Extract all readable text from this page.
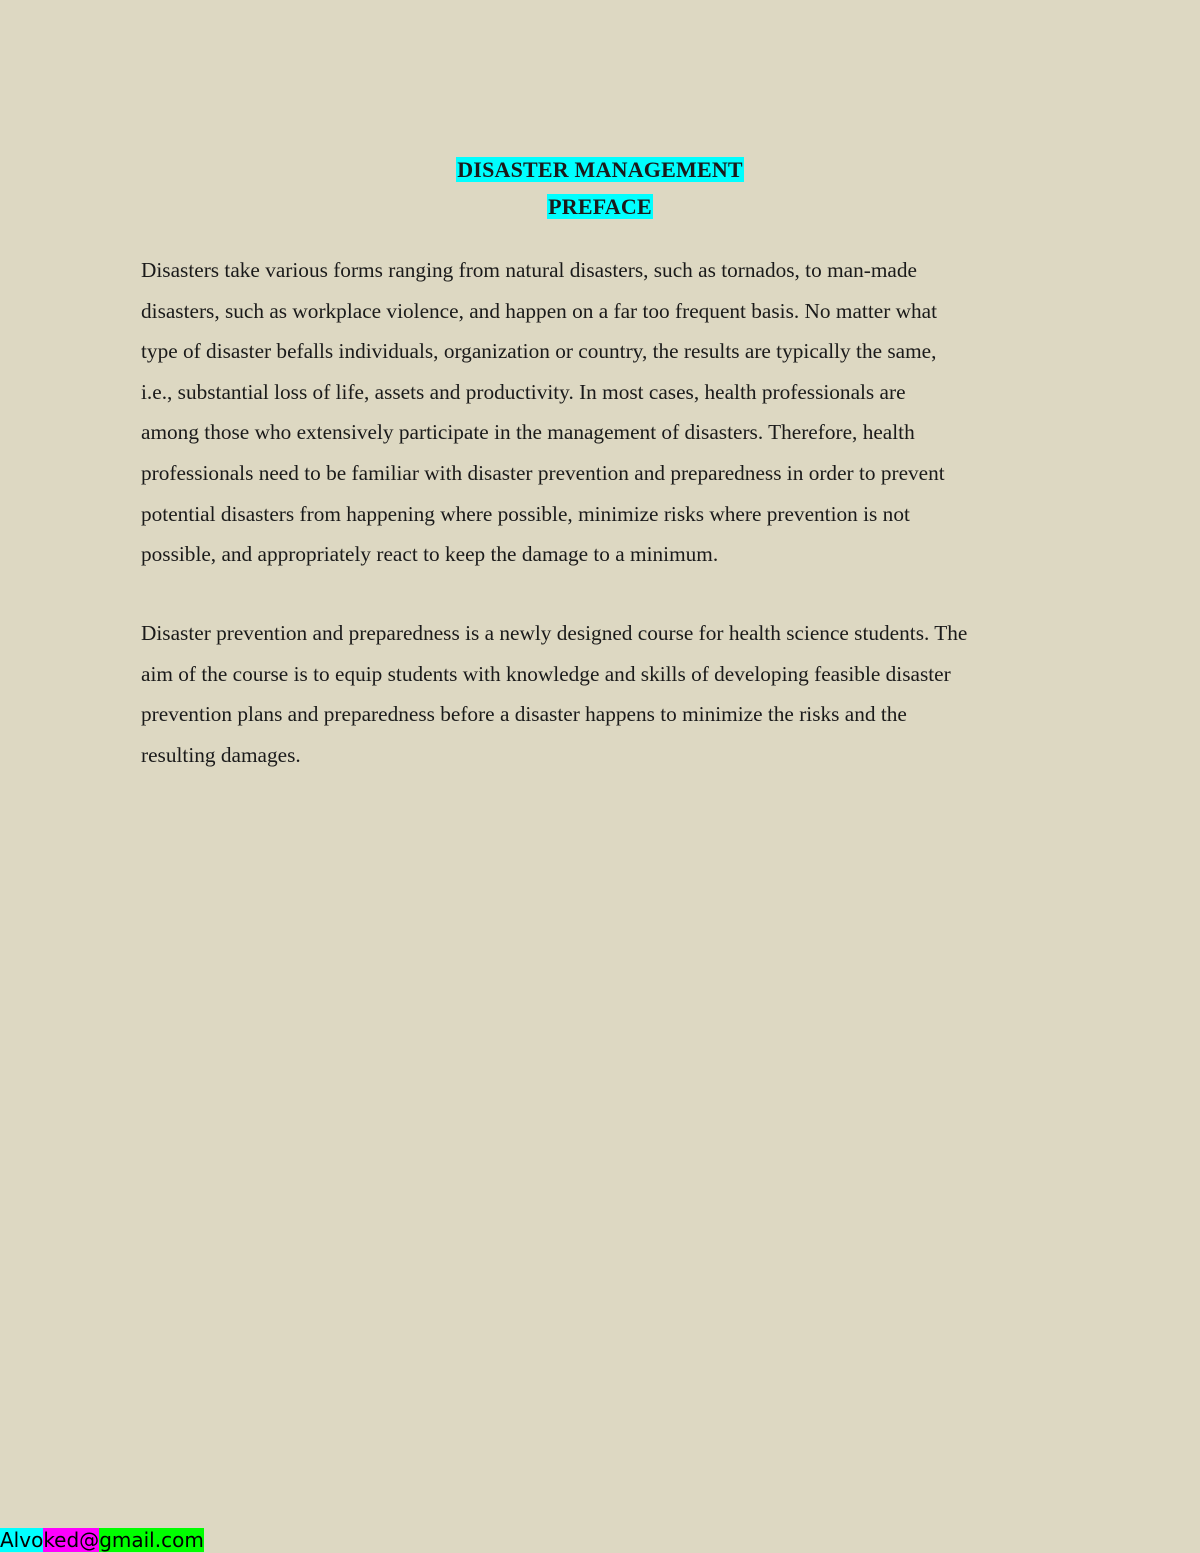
DISASTER MANAGEMENT
PREFACE

Disasters take various forms ranging from natural disasters, such as tornados, to man-made
disasters, such as workplace violence, and happen on a far too frequent basis. No matter what
type of disaster befalls individuals, organization or country, the results are typically the same,
i.e., substantial loss of life, assets and productivity. In most cases, health professionals are
among those who extensively participate in the management of disasters. Therefore, health
professionals need to be familiar with disaster prevention and preparedness in order to prevent
potential disasters from happening where possible, minimize risks where prevention is not
possible, and appropriately react to keep the damage to a minimum.

Disaster prevention and preparedness is a newly designed course for health science students. The
aim of the course is to equip students with knowledge and skills of developing feasible disaster
prevention plans and preparedness before a disaster happens to minimize the risks and the
resulting damages.

Alvoked@gmail.com
